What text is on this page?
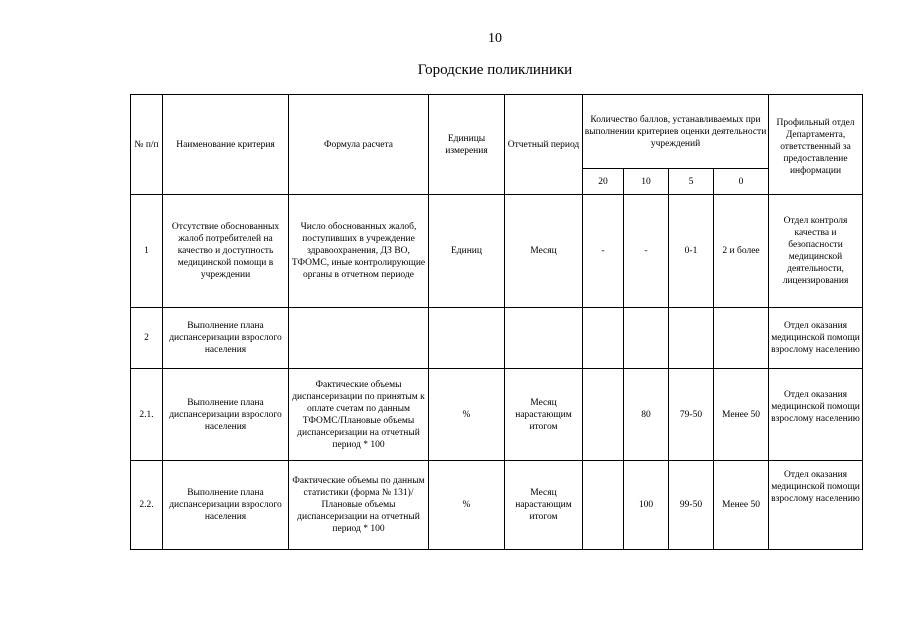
10
Городские поликлиники
№ п/п	Наименование критерия	Формула расчета	Единицы измерения	Отчетный период	Количество баллов, устанавливаемых при выполнении критериев оценки деятельности учреждений				Профильный отдел Департамента, ответственный за предоставление информации
					20	10	5	0	
1	Отсутствие обоснованных жалоб потребителей на качество и доступность медицинской помощи в учреждении	Число обоснованных жалоб, поступивших в учреждение здравоохранения, ДЗ ВО, ТФОМС, иные контролирующие органы в отчетном периоде	Единиц	Месяц	-	-	0-1	2 и более	Отдел контроля качества и безопасности медицинской деятельности, лицензирования
2	Выполнение плана диспансеризации взрослого населения								Отдел оказания медицинской помощи взрослому населению
2.1.	Выполнение плана диспансеризации взрослого населения	Фактические объемы диспансеризации по принятым к оплате счетам по данным ТФОМС/Плановые объемы диспансеризации на отчетный период * 100	%	Месяц нарастающим итогом		80	79-50	Менее 50	Отдел оказания медицинской помощи взрослому населению
2.2.	Выполнение плана диспансеризации взрослого населения	Фактические объемы по данным статистики (форма № 131)/Плановые объемы диспансеризации на отчетный период * 100	%	Месяц нарастающим итогом		100	99-50	Менее 50	Отдел оказания медицинской помощи взрослому населению
